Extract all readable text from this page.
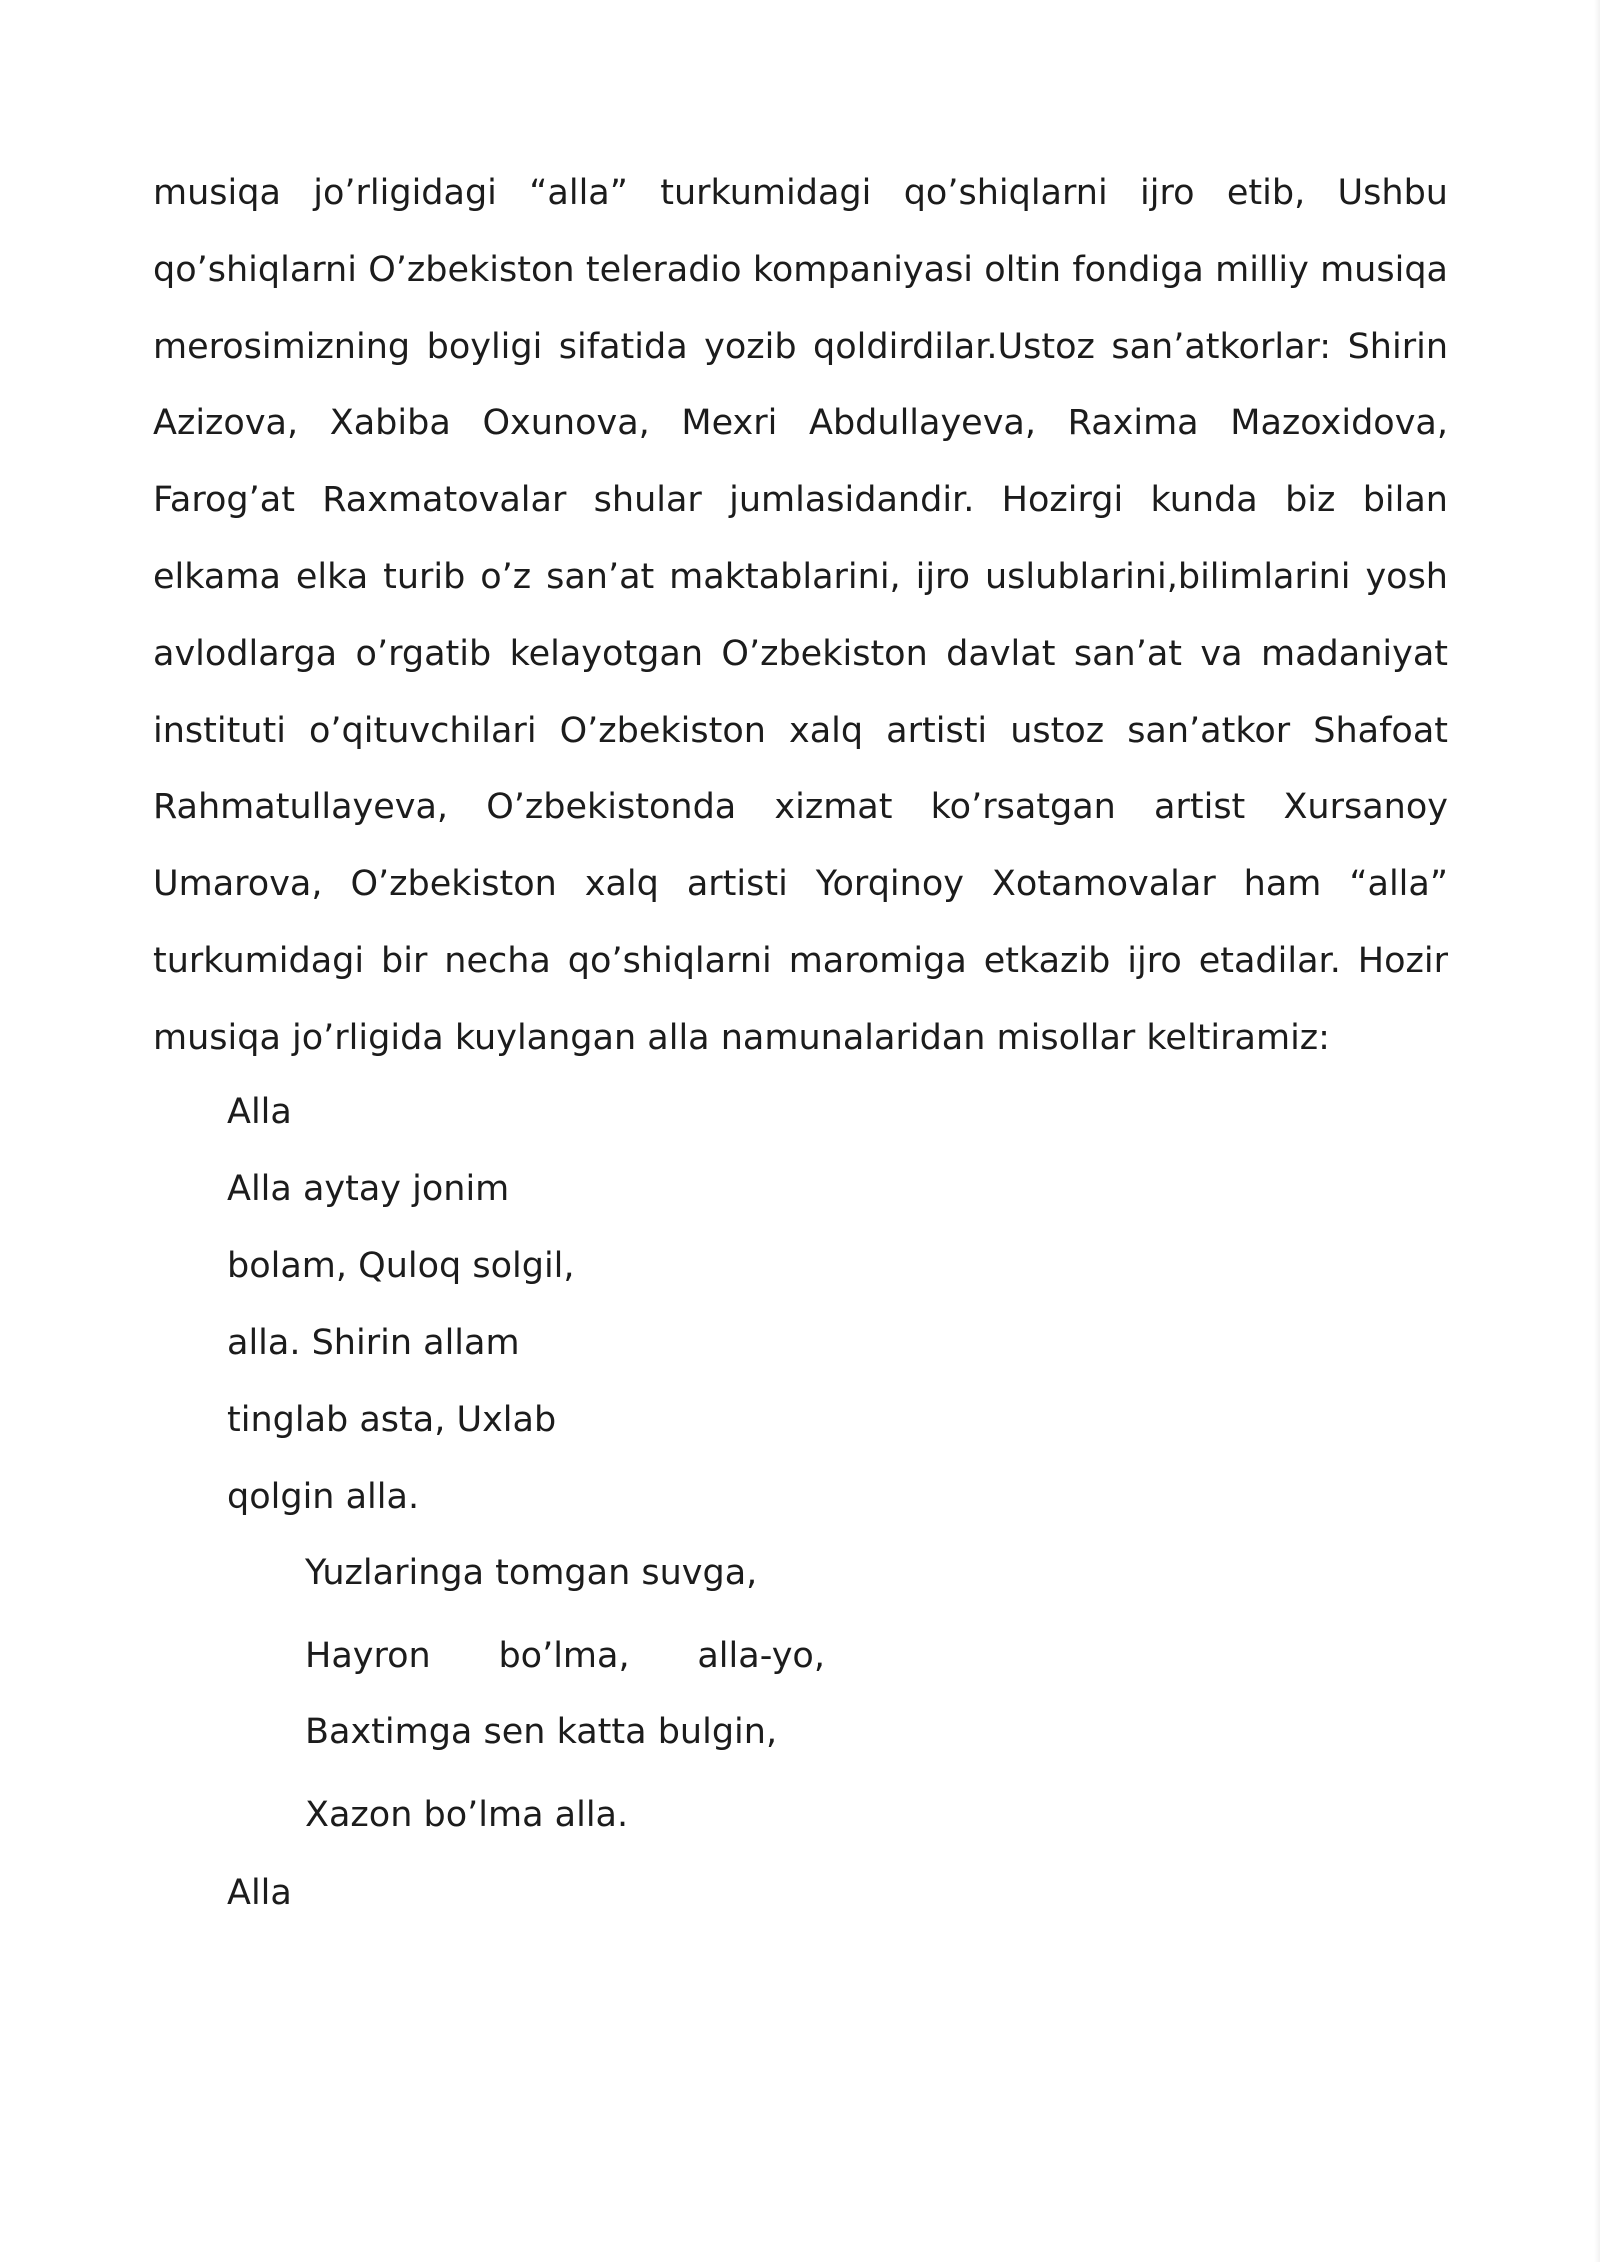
musiqa jo’rligidagi “alla” turkumidagi qo’shiqlarni ijro etib, Ushbu
qo’shiqlarni O’zbekiston teleradio kompaniyasi oltin fondiga milliy musiqa
merosimizning boyligi sifatida yozib qoldirdilar.Ustoz san’atkorlar: Shirin
Azizova, Xabiba Oxunova, Mexri Abdullayeva, Raxima Mazoxidova,
Farog’at Raxmatovalar shular jumlasidandir. Hozirgi kunda biz bilan
elkama elka turib o’z san’at maktablarini, ijro uslublarini,bilimlarini yosh
avlodlarga o’rgatib kelayotgan O’zbekiston davlat san’at va madaniyat
instituti o’qituvchilari O’zbekiston xalq artisti ustoz san’atkor Shafoat
Rahmatullayeva, O’zbekistonda xizmat ko’rsatgan artist Xursanoy
Umarova, O’zbekiston xalq artisti Yorqinoy Xotamovalar ham “alla”
turkumidagi bir necha qo’shiqlarni maromiga etkazib ijro etadilar. Hozir
musiqa jo’rligida kuylangan alla namunalaridan misollar keltiramiz:
Alla
Alla aytay jonim
bolam, Quloq solgil,
alla. Shirin allam
tinglab asta, Uxlab
qolgin alla.
Yuzlaringa tomgan suvga,
Hayron bo’lma, alla-yo,
Baxtimga sen katta bulgin,
Xazon bo’lma alla.
Alla
